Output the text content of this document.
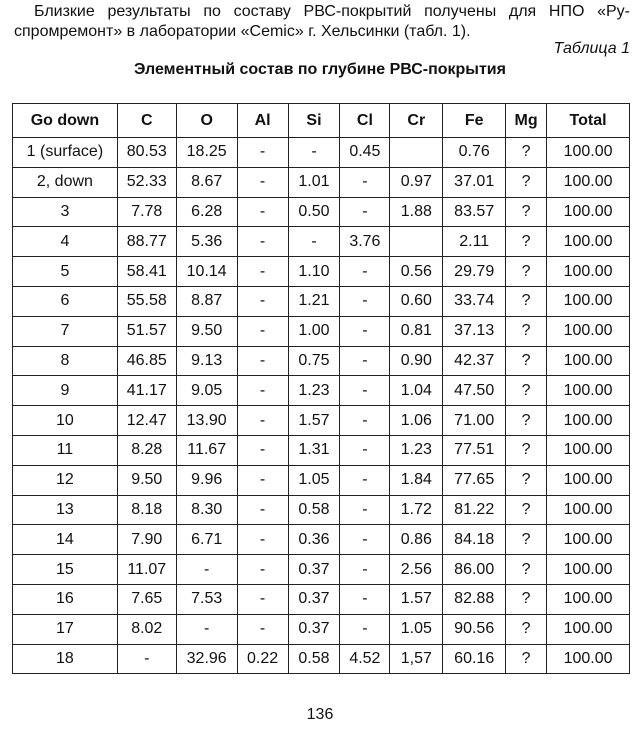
Близкие результаты по составу РВС-покрытий получены для НПО «Ру-
спромремонт» в лаборатории «Cemic» г. Хельсинки (табл. 1).
Таблица 1
Элементный состав по глубине РВС-покрытия
Go down	C	O	Al	Si	Cl	Cr	Fe	Mg	Total
1 (surface)	80.53	18.25	-	-	0.45		0.76	?	100.00
2, down	52.33	8.67	-	1.01	-	0.97	37.01	?	100.00
3	7.78	6.28	-	0.50	-	1.88	83.57	?	100.00
4	88.77	5.36	-	-	3.76		2.11	?	100.00
5	58.41	10.14	-	1.10	-	0.56	29.79	?	100.00
6	55.58	8.87	-	1.21	-	0.60	33.74	?	100.00
7	51.57	9.50	-	1.00	-	0.81	37.13	?	100.00
8	46.85	9.13	-	0.75	-	0.90	42.37	?	100.00
9	41.17	9.05	-	1.23	-	1.04	47.50	?	100.00
10	12.47	13.90	-	1.57	-	1.06	71.00	?	100.00
11	8.28	11.67	-	1.31	-	1.23	77.51	?	100.00
12	9.50	9.96	-	1.05	-	1.84	77.65	?	100.00
13	8.18	8.30	-	0.58	-	1.72	81.22	?	100.00
14	7.90	6.71	-	0.36	-	0.86	84.18	?	100.00
15	11.07	-	-	0.37	-	2.56	86.00	?	100.00
16	7.65	7.53	-	0.37	-	1.57	82.88	?	100.00
17	8.02	-	-	0.37	-	1.05	90.56	?	100.00
18	-	32.96	0.22	0.58	4.52	1,57	60.16	?	100.00
136
